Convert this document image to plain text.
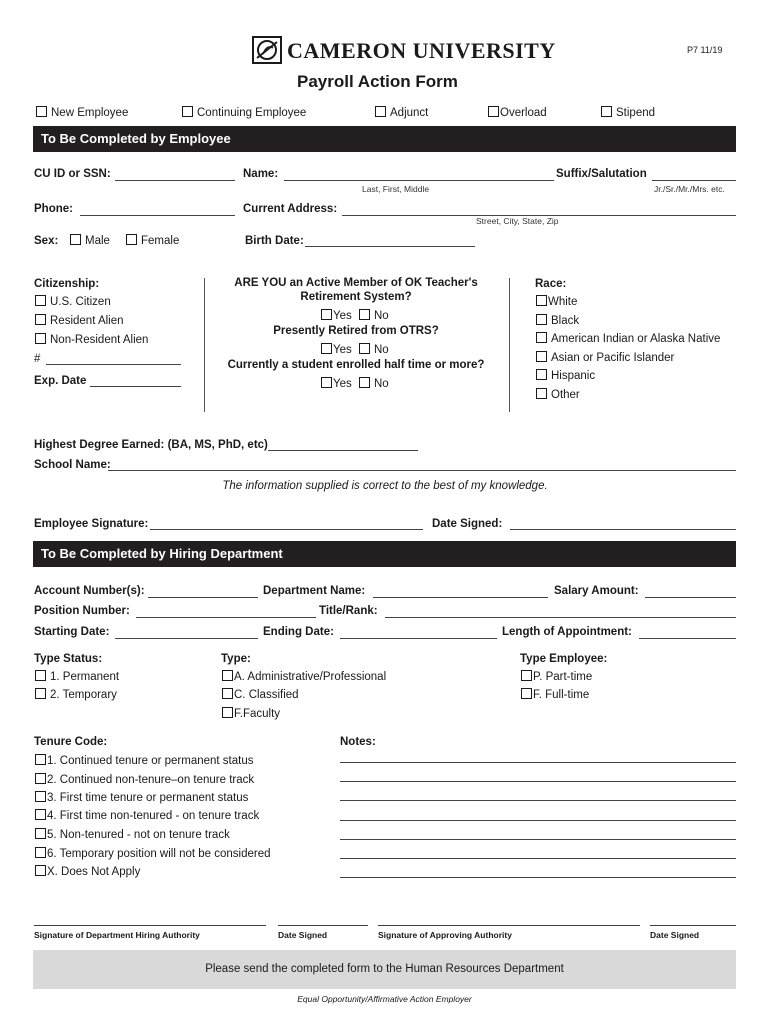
CAMERON UNIVERSITY	P7 11/19
Payroll Action Form
New Employee	Continuing Employee	Adjunct	Overload	Stipend
To Be Completed by Employee
CU ID or SSN:	Name:	Suffix/Salutation
Last, First, Middle	Jr./Sr./Mr./Mrs. etc.
Phone:	Current Address:
Street, City, State, Zip
Sex:	Male	Female	Birth Date:
Citizenship:
U.S. Citizen
Resident Alien
Non-Resident Alien
#
Exp. Date
ARE YOU an Active Member of OK Teacher's
Retirement System?
Yes No
Presently Retired from OTRS?
Yes No
Currently a student enrolled half time or more?
Yes No
Race:
White
Black
American Indian or Alaska Native
Asian or Pacific Islander
Hispanic
Other
Highest Degree Earned: (BA, MS, PhD, etc)
School Name:
The information supplied is correct to the best of my knowledge.
Employee Signature:	Date Signed:
To Be Completed by Hiring Department
Account Number(s):	Department Name:	Salary Amount:
Position Number:	Title/Rank:
Starting Date:	Ending Date:	Length of Appointment:
Type Status:
1. Permanent
2. Temporary
Type:
A. Administrative/Professional
C. Classified
F.Faculty
Type Employee:
P. Part-time
F. Full-time
Tenure Code:
1. Continued tenure or permanent status
2. Continued non-tenure–on tenure track
3. First time tenure or permanent status
4. First time non-tenured - on tenure track
5. Non-tenured - not on tenure track
6. Temporary position will not be considered
X. Does Not Apply
Notes:
Signature of Department Hiring Authority	Date Signed	Signature of Approving Authority	Date Signed
Please send the completed form to the Human Resources Department
Equal Opportunity/Affirmative Action Employer
